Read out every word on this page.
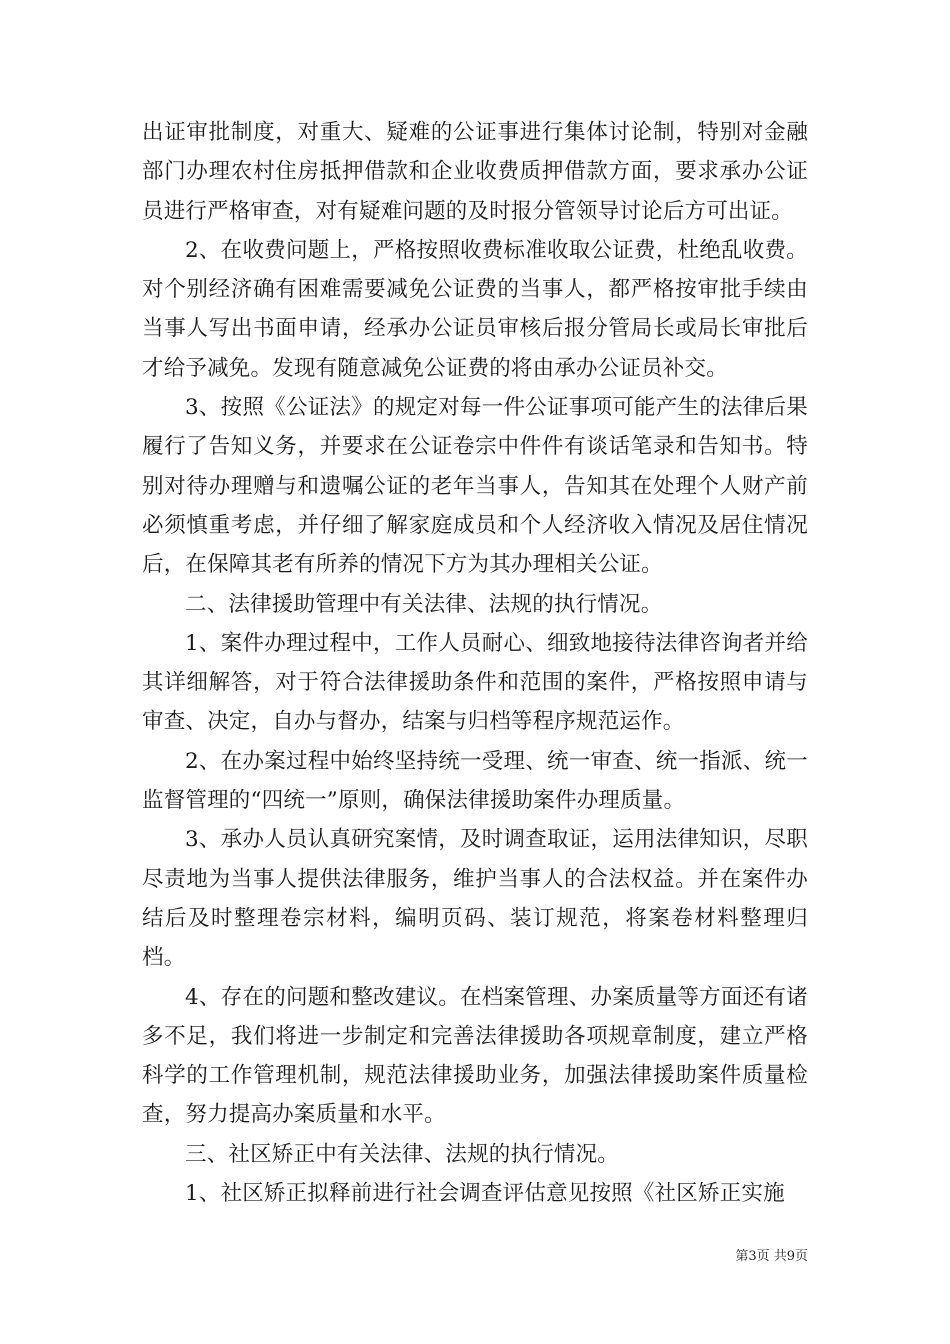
出证审批制度，对重大、疑难的公证事进行集体讨论制，特别对金融部门办理农村住房抵押借款和企业收费质押借款方面，要求承办公证员进行严格审查，对有疑难问题的及时报分管领导讨论后方可出证。

2、在收费问题上，严格按照收费标准收取公证费，杜绝乱收费。对个别经济确有困难需要减免公证费的当事人，都严格按审批手续由当事人写出书面申请，经承办公证员审核后报分管局长或局长审批后才给予减免。发现有随意减免公证费的将由承办公证员补交。

3、按照《公证法》的规定对每一件公证事项可能产生的法律后果履行了告知义务，并要求在公证卷宗中件件有谈话笔录和告知书。特别对待办理赠与和遗嘱公证的老年当事人，告知其在处理个人财产前必须慎重考虑，并仔细了解家庭成员和个人经济收入情况及居住情况后，在保障其老有所养的情况下方为其办理相关公证。

二、法律援助管理中有关法律、法规的执行情况。

1、案件办理过程中，工作人员耐心、细致地接待法律咨询者并给其详细解答，对于符合法律援助条件和范围的案件，严格按照申请与审查、决定，自办与督办，结案与归档等程序规范运作。

2、在办案过程中始终坚持统一受理、统一审查、统一指派、统一监督管理的“四统一”原则，确保法律援助案件办理质量。

3、承办人员认真研究案情，及时调查取证，运用法律知识，尽职尽责地为当事人提供法律服务，维护当事人的合法权益。并在案件办结后及时整理卷宗材料，编明页码、装订规范，将案卷材料整理归档。

4、存在的问题和整改建议。在档案管理、办案质量等方面还有诸多不足，我们将进一步制定和完善法律援助各项规章制度，建立严格科学的工作管理机制，规范法律援助业务，加强法律援助案件质量检查，努力提高办案质量和水平。

三、社区矫正中有关法律、法规的执行情况。

1、社区矫正拟释前进行社会调查评估意见按照《社区矫正实施

第3页 共9页
